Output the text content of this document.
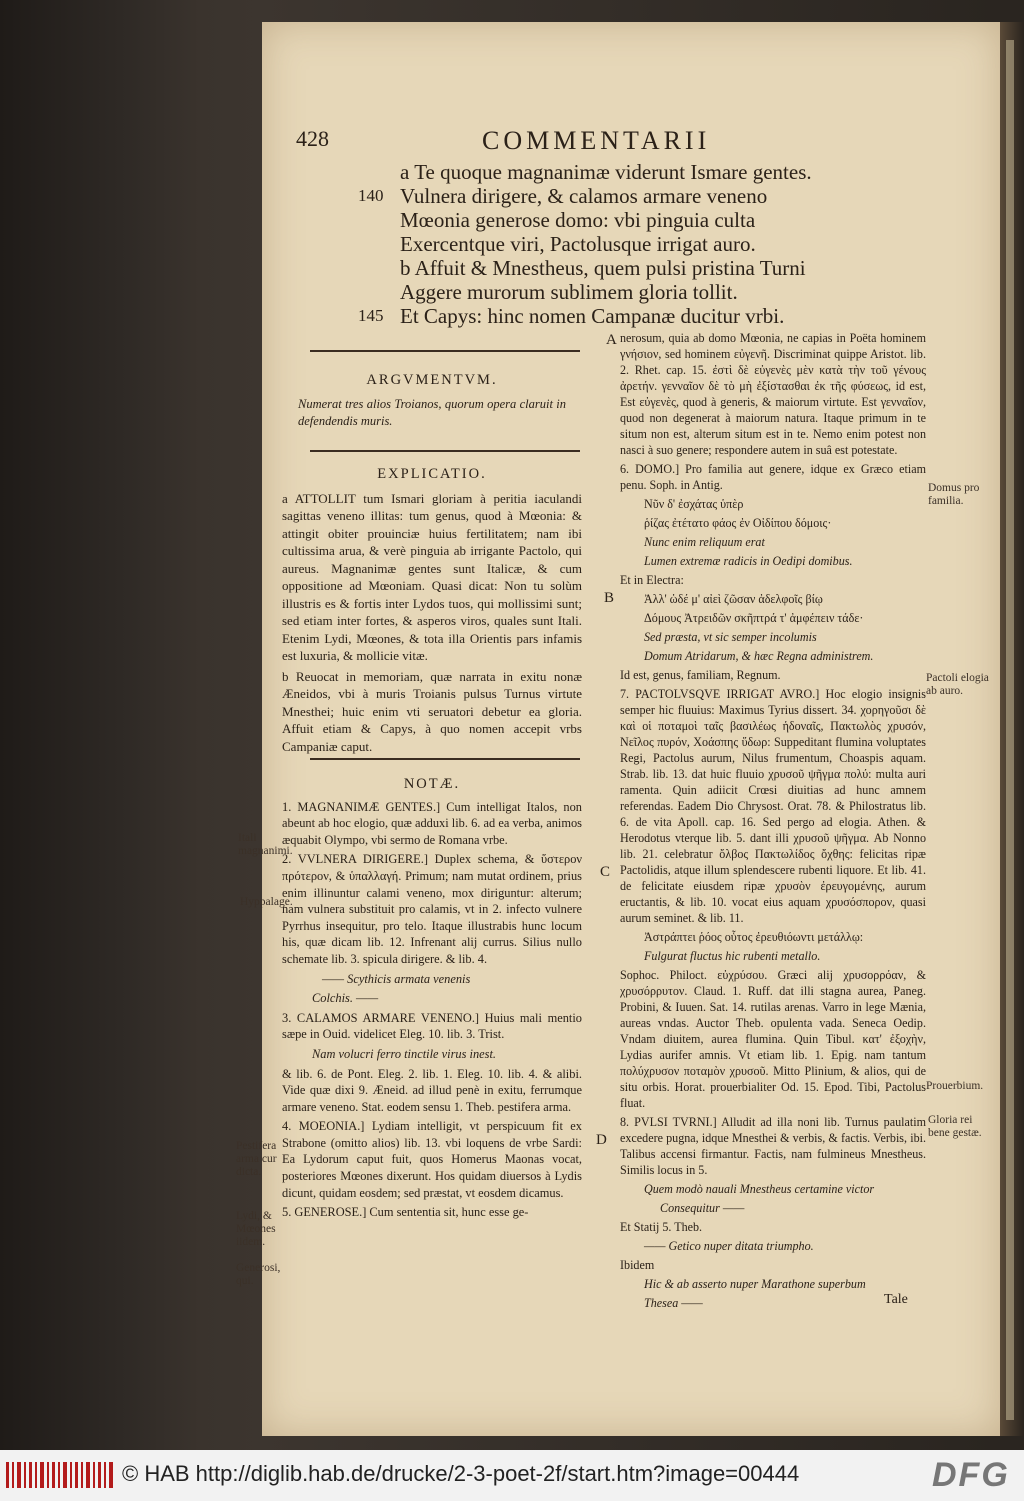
428	COMMENTARII
a Te quoque magnanimæ viderunt Ismare gentes.
140 Vulnera dirigere, & calamos armare veneno
Mœonia generose domo: vbi pinguia culta
Exercentque viri, Pactolusque irrigat auro.
b Affuit & Mnestheus, quem pulsi pristina Turni
Aggere murorum sublimem gloria tollit.
145 Et Capys: hinc nomen Campanæ ducitur vrbi.
ARGVMENTVM.

Numerat tres alios Troianos, quorum opera claruit in defendendis muris.

EXPLICATIO.

a ATTOLLIT tum Ismari gloriam à peritia iaculandi sagittas veneno illitas: tum genus, quod à Mœonia: & attingit obiter prouinciæ huius fertilitatem; nam ibi cultissima arua, & verè pinguia ab irrigante Pactolo, qui aureus. Magnanimæ gentes sunt Italicæ, & cum oppositione ad Mœoniam. Quasi dicat: Non tu solùm illustris es & fortis inter Lydos tuos, qui mollissimi sunt; sed etiam inter fortes, & asperos viros, quales sunt Itali. Etenim Lydi, Mœones, & tota illa Orientis pars infamis est luxuria, & mollicie vitæ.

b Reuocat in memoriam, quæ narrata in exitu nonæ Æneidos, vbi à muris Troianis pulsus Turnus virtute Mnesthei; huic enim vti seruatori debetur ea gloria. Affuit etiam & Capys, à quo nomen accepit vrbs Campaniæ caput.

NOTÆ.

1. MAGNANIMÆ GENTES.] Cum intelligat Italos, non abeunt ab hoc elogio, quæ adduxi lib. 6. ad ea verba, animos æquabit Olympo, vbi sermo de Romana vrbe.

2. VVLNERA DIRIGERE.] Duplex schema, & ὕστερον πρότερον, & ὑπαλλαγή. Primum; nam mutat ordinem, prius enim illinuntur calami veneno, mox diriguntur: alterum; nam vulnera substituit pro calamis, vt in 2. infecto vulnere Pyrrhus insequitur, pro telo. Itaque illustrabis hunc locum his, quæ dicam lib. 12. Infrenant alij currus. Silius nullo schemate lib. 3. spicula dirigere. & lib. 4.

—— Scythicis armata venenis

Colchis. ——

3. CALAMOS ARMARE VENENO.] Huius mali mentio sæpe in Ouid. videlicet Eleg. 10. lib. 3. Trist.

Nam volucri ferro tinctile virus inest.

& lib. 6. de Pont. Eleg. 2. lib. 1. Eleg. 10. lib. 4. & alibi. Vide quæ dixi 9. Æneid. ad illud penè in exitu, ferrumque armare veneno. Stat. eodem sensu 1. Theb. pestifera arma.

4. MOEONIA.] Lydiam intelligit, vt perspicuum fit ex Strabone (omitto alios) lib. 13. vbi loquens de vrbe Sardi: Ea Lydorum caput fuit, quos Homerus Maonas vocat, posteriores Mœones dixerunt. Hos quidam diuersos à Lydis dicunt, quidam eosdem; sed præstat, vt eosdem dicamus.

5. GENEROSE.] Cum sententia sit, hunc esse ge-

nerosum, quia ab domo Mœonia, ne capias in Poëta hominem γνήσιον, sed hominem εὐγενῆ. Discriminat quippe Aristot. lib. 2. Rhet. cap. 15. ἐστὶ δὲ εὐγενὲς μὲν κατὰ τὴν τοῦ γένους ἀρετήν. γενναῖον δὲ τὸ μὴ ἐξίστασθαι ἐκ τῆς φύσεως, id est, Est εὐγενὲς, quod à generis, & maiorum virtute. Est γενναῖον, quod non degenerat à maiorum natura. Itaque primum in te situm non est, alterum situm est in te. Nemo enim potest non nasci à suo genere; respondere autem in suâ est potestate.

6. DOMO.] Pro familia aut genere, idque ex Græco etiam penu. Soph. in Antig.

Νῦν δ' ἐσχάτας ὑπὲρ

ῥίζας ἐτέτατο φάος ἐν Οἰδίπου δόμοις·

Nunc enim reliquum erat

Lumen extremæ radicis in Oedipi domibus.

Et in Electra:

Ἀλλ' ὡδέ μ' αἰεὶ ζῶσαν ἀδελφοῖς βίῳ

Δόμους Ἀτρειδῶν σκῆπτρά τ' ἀμφέπειν τάδε·

Sed præsta, vt sic semper incolumis

Domum Atridarum, & hæc Regna administrem.

Id est, genus, familiam, Regnum.

7. PACTOLVSQVE IRRIGAT AVRO.] Hoc elogio insignis semper hic fluuius: Maximus Tyrius dissert. 34. χορηγοῦσι δὲ καὶ οἱ ποταμοὶ ταῖς βασιλέως ἡδοναῖς, Πακτωλὸς χρυσόν, Νεῖλος πυρόν, Χοάσπης ὕδωρ: Suppeditant flumina voluptates Regi, Pactolus aurum, Nilus frumentum, Choaspis aquam. Strab. lib. 13. dat huic fluuio χρυσοῦ ψῆγμα πολύ: multa auri ramenta. Quin adiicit Crœsi diuitias ad hunc amnem referendas. Eadem Dio Chrysost. Orat. 78. & Philostratus lib. 6. de vita Apoll. cap. 16. Sed pergo ad elogia. Athen. & Herodotus vterque lib. 5. dant illi χρυσοῦ ψῆγμα. Ab Nonno lib. 21. celebratur ὄλβος Πακτωλίδος ὄχθης: felicitas ripæ Pactolidis, atque illum splendescere rubenti liquore. Et lib. 41. de felicitate eiusdem ripæ χρυσὸν ἐρευγομένης, aurum eructantis, & lib. 10. vocat eius aquam χρυσόσπορον, quasi aurum seminet. & lib. 11.

Ἀστράπτει ῥόος οὗτος ἐρευθιόωντι μετάλλῳ:

Fulgurat fluctus hic rubenti metallo.

Sophoc. Philoct. εὐχρύσου. Græci alij χρυσορρόαν, & χρυσόρρυτον. Claud. 1. Ruff. dat illi stagna aurea, Paneg. Probini, & Iuuen. Sat. 14. rutilas arenas. Varro in lege Mænia, aureas vndas. Auctor Theb. opulenta vada. Seneca Oedip. Vndam diuitem, aurea flumina. Quin Tibul. κατ' ἐξοχὴν, Lydias aurifer amnis. Vt etiam lib. 1. Epig. nam tantum πολύχρυσον ποταμὸν χρυσοῦ. Mitto Plinium, & alios, qui de situ orbis. Horat. prouerbialiter Od. 15. Epod. Tibi, Pactolus fluat.

8. PVLSI TVRNI.] Alludit ad illa noni lib. Turnus paulatim excedere pugna, idque Mnesthei & verbis, & factis. Verbis, ibi. Talibus accensi firmantur. Factis, nam fulmineus Mnestheus. Similis locus in 5.

Quem modò nauali Mnestheus certamine victor

Consequitur ——

Et Statij 5. Theb.

—— Getico nuper ditata triumpho.

Ibidem

Hic & ab asserto nuper Marathone superbum

Thesea ——

Domus pro familia.
Pactoli elogia ab auro.
Prouerbium.
Gloria rei bene gestæ.
Itali magnanimi.
Hyppalage.
Pestifera arma cur dicta.
Lydi, & Mœones iidem.
Generosi, qui.
A
B
C
D
Tale
© HAB http://diglib.hab.de/drucke/2-3-poet-2f/start.htm?image=00444	DFG
